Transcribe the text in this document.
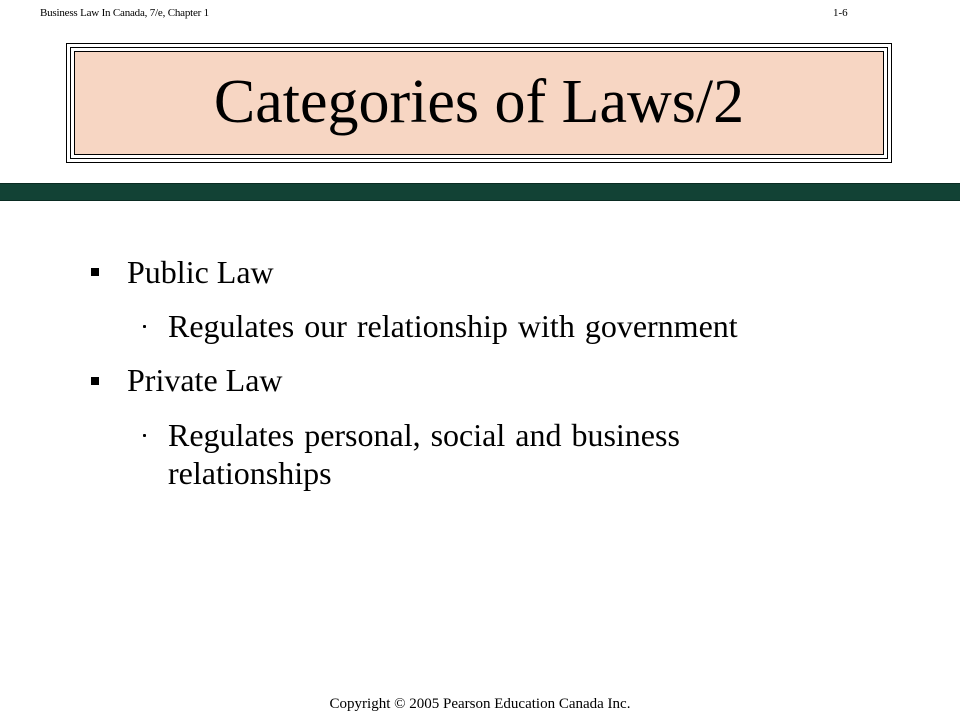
Business Law In Canada, 7/e, Chapter 1	1-6
Categories of Laws/2
Public Law
Regulates our relationship with government
Private Law
Regulates personal, social and business relationships
Copyright © 2005 Pearson Education Canada Inc.
